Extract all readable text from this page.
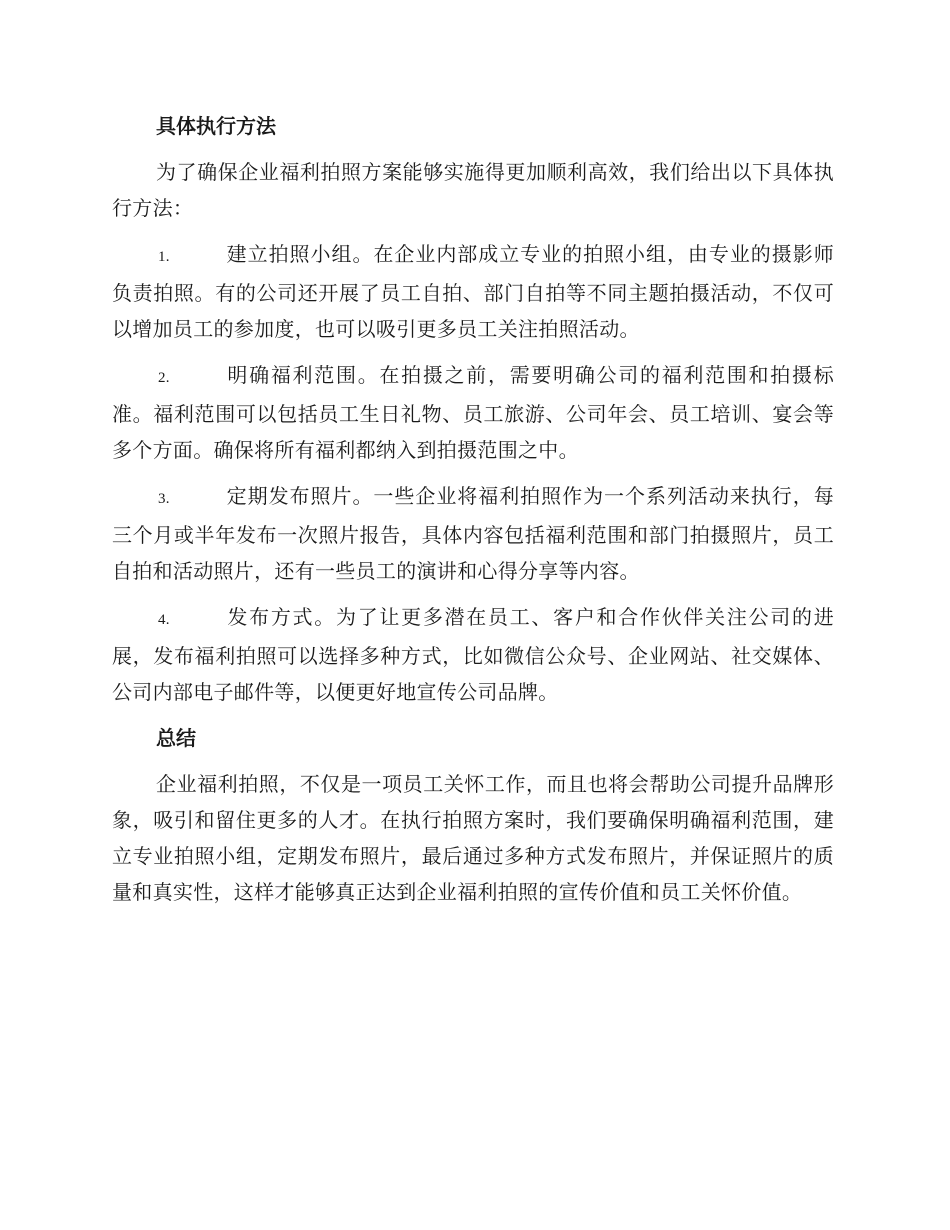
具体执行方法

为了确保企业福利拍照方案能够实施得更加顺利高效，我们给出以下具体执行方法：

1.	建立拍照小组。在企业内部成立专业的拍照小组，由专业的摄影师负责拍照。有的公司还开展了员工自拍、部门自拍等不同主题拍摄活动，不仅可以增加员工的参加度，也可以吸引更多员工关注拍照活动。

2.	明确福利范围。在拍摄之前，需要明确公司的福利范围和拍摄标准。福利范围可以包括员工生日礼物、员工旅游、公司年会、员工培训、宴会等多个方面。确保将所有福利都纳入到拍摄范围之中。

3.	定期发布照片。一些企业将福利拍照作为一个系列活动来执行，每三个月或半年发布一次照片报告，具体内容包括福利范围和部门拍摄照片，员工自拍和活动照片，还有一些员工的演讲和心得分享等内容。

4.	发布方式。为了让更多潜在员工、客户和合作伙伴关注公司的进展，发布福利拍照可以选择多种方式，比如微信公众号、企业网站、社交媒体、公司内部电子邮件等，以便更好地宣传公司品牌。

总结

企业福利拍照，不仅是一项员工关怀工作，而且也将会帮助公司提升品牌形象，吸引和留住更多的人才。在执行拍照方案时，我们要确保明确福利范围，建立专业拍照小组，定期发布照片，最后通过多种方式发布照片，并保证照片的质量和真实性，这样才能够真正达到企业福利拍照的宣传价值和员工关怀价值。
